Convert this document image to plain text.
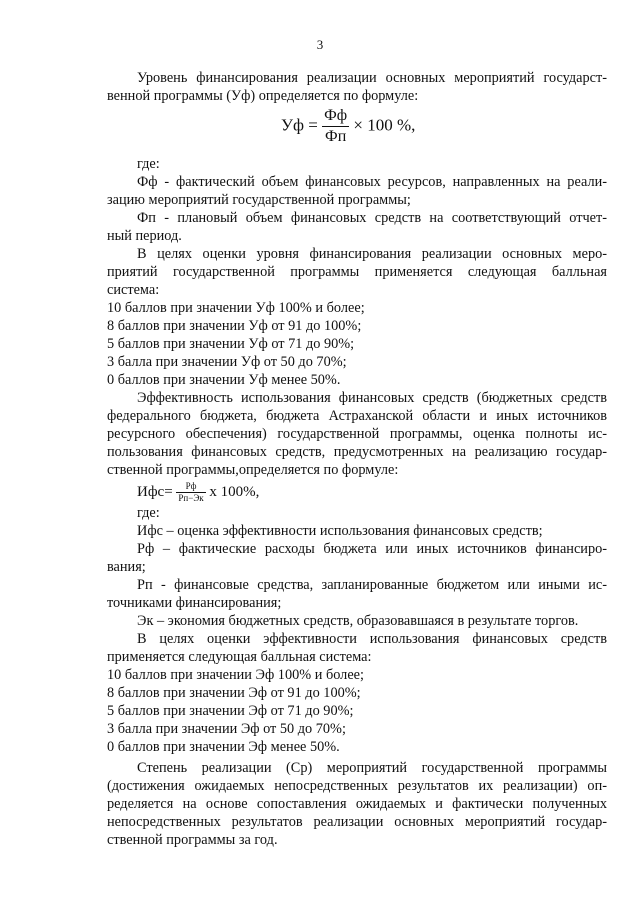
3
Уровень финансирования реализации основных мероприятий государст-
венной программы (Уф) определяется по формуле:
Уф = $\frac{Фф}{Фп} \times 100$ %,
где:
Фф - фактический объем финансовых ресурсов, направленных на реали-
зацию мероприятий государственной программы;
Фп - плановый объем финансовых средств на соответствующий отчет-
ный период.
В целях оценки уровня финансирования реализации основных меро-
приятий государственной программы применяется следующая балльная
система:
10 баллов при значении Уф 100% и более;
8 баллов при значении Уф от 91 до 100%;
5 баллов при значении Уф от 71 до 90%;
3 балла при значении Уф от 50 до 70%;
0 баллов при значении Уф менее 50%.
Эффективность использования финансовых средств (бюджетных средств
федерального бюджета, бюджета Астраханской области и иных источников
ресурсного обеспечения) государственной программы, оценка полноты ис-
пользования финансовых средств, предусмотренных на реализацию государ-
ственной программы,определяется по формуле:
$Ифс= \frac{Рф}{Рп-Эк}$ х 100%,
где:
Ифс – оценка эффективности использования финансовых средств;
Рф – фактические расходы бюджета или иных источников финансиро-
вания;
Рп - финансовые средства, запланированные бюджетом или иными ис-
точниками финансирования;
Эк – экономия бюджетных средств, образовавшаяся в результате торгов.
В целях оценки эффективности использования финансовых средств
применяется следующая балльная система:
10 баллов при значении Эф 100% и более;
8 баллов при значении Эф от 91 до 100%;
5 баллов при значении Эф от 71 до 90%;
3 балла при значении Эф от 50 до 70%;
0 баллов при значении Эф менее 50%.
Степень реализации (Ср) мероприятий государственной программы
(достижения ожидаемых непосредственных результатов их реализации) оп-
ределяется на основе сопоставления ожидаемых и фактически полученных
непосредственных результатов реализации основных мероприятий государ-
ственной программы за год.
